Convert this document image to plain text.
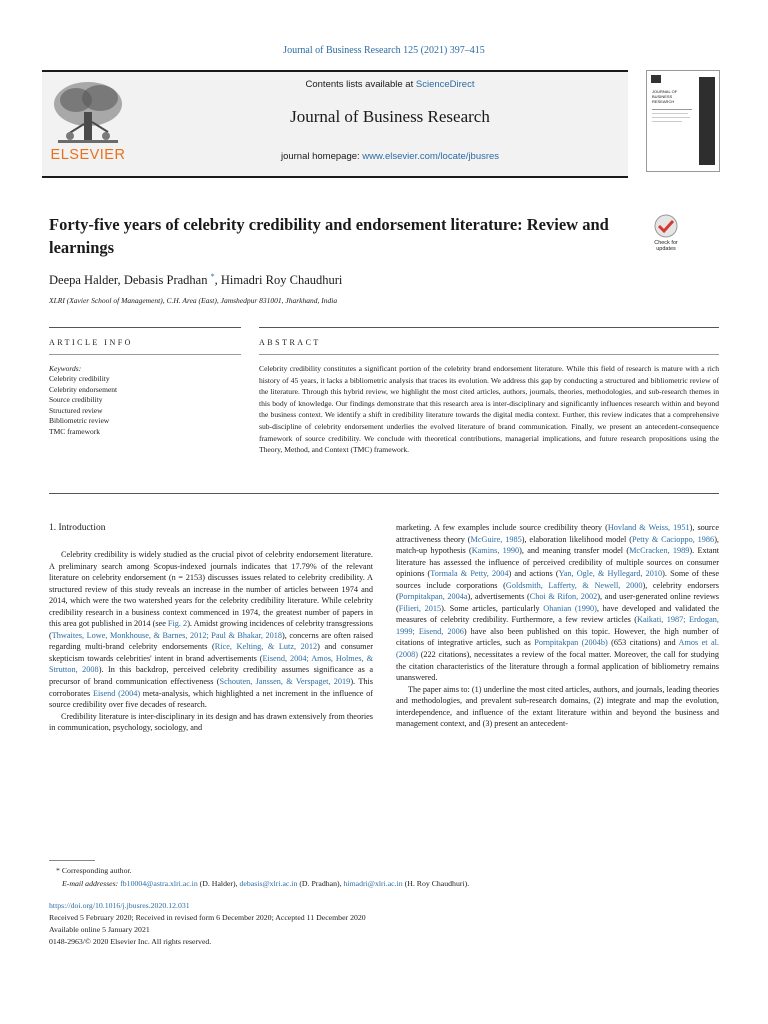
Journal of Business Research 125 (2021) 397–415
ELSEVIER
Contents lists available at ScienceDirect
Journal of Business Research
journal homepage: www.elsevier.com/locate/jbusres
JOURNAL OF
BUSINESS
RESEARCH
Forty-five years of celebrity credibility and endorsement literature: Review and learnings	Check for updates
Deepa Halder, Debasis Pradhan *, Himadri Roy Chaudhuri
XLRI (Xavier School of Management), C.H. Area (East), Jamshedpur 831001, Jharkhand, India
ARTICLE INFO	ABSTRACT
Keywords:
Celebrity credibility
Celebrity endorsement
Source credibility
Structured review
Bibliometric review
TMC framework
Celebrity credibility constitutes a significant portion of the celebrity brand endorsement literature. While this field of research is mature with a rich history of 45 years, it lacks a bibliometric analysis that traces its evolution. We address this gap by conducting a structured and bibliometric review of the literature. Through this hybrid review, we highlight the most cited articles, authors, journals, theories, methodologies, and sub-research themes in this body of knowledge. Our findings demonstrate that this research area is inter-disciplinary and significantly influences research within and beyond the business context. We identify a shift in credibility literature towards the digital media context. Further, this review indicates that a comprehensive sub-discipline of celebrity endorsement underlies the evolved literature of brand communication. Finally, we present an antecedent-consequence framework of source credibility. We conclude with theoretical contributions, managerial implications, and future research propositions using the Theory, Method, and Context (TMC) framework.
1. Introduction

Celebrity credibility is widely studied as the crucial pivot of celebrity endorsement literature. A preliminary search among Scopus-indexed journals indicates that 17.79% of the relevant literature on celebrity endorsement (n = 2153) discusses issues related to celebrity credibility. A structured review of this study reveals an increase in the number of articles between 1974 and 2014, which were the two watershed years for the celebrity credibility literature. While celebrity credibility research in a business context commenced in 1974, the greatest number of papers in this area got published in 2014 (see Fig. 2). Amidst growing incidences of celebrity transgressions (Thwaites, Lowe, Monkhouse, & Barnes, 2012; Paul & Bhakar, 2018), concerns are often raised regarding multi-brand celebrity endorsements (Rice, Kelting, & Lutz, 2012) and consumer skepticism towards celebrities' intent in brand advertisements (Eisend, 2004; Amos, Holmes, & Strutton, 2008). In this backdrop, perceived celebrity credibility assumes significance as a precursor of brand communication effectiveness (Schouten, Janssen, & Verspaget, 2019). This corroborates Eisend (2004) meta-analysis, which highlighted a net increment in the influence of source credibility over five decades of research.

Credibility literature is inter-disciplinary in its design and has drawn extensively from theories in communication, psychology, sociology, and

marketing. A few examples include source credibility theory (Hovland & Weiss, 1951), source attractiveness theory (McGuire, 1985), elaboration likelihood model (Petty & Cacioppo, 1986), match-up hypothesis (Kamins, 1990), and meaning transfer model (McCracken, 1989). Extant literature has assessed the influence of perceived credibility of multiple sources on consumer opinions (Tormala & Petty, 2004) and actions (Yan, Ogle, & Hyllegard, 2010). Some of these sources include corporations (Goldsmith, Lafferty, & Newell, 2000), celebrity endorsers (Pornpitakpan, 2004a), advertisements (Choi & Rifon, 2002), and user-generated online reviews (Filieri, 2015). Some articles, particularly Ohanian (1990), have developed and validated the measures of celebrity credibility. Furthermore, a few review articles (Kaikati, 1987; Erdogan, 1999; Eisend, 2006) have also been published on this topic. However, the high number of citations of integrative articles, such as Pornpitakpan (2004b) (653 citations) and Amos et al. (2008) (222 citations), necessitates a review of the focal matter. Moreover, the call for studying the citation characteristics of the literature through a formal application of bibliometry remains unanswered.

The paper aims to: (1) underline the most cited articles, authors, and journals, leading theories and methodologies, and prevalent sub-research domains, (2) integrate and map the evolution, interdependence, and influence of the extant literature within and beyond the business and management context, and (3) present an antecedent-

* Corresponding author.
E-mail addresses: fb10004@astra.xlri.ac.in (D. Halder), debasis@xlri.ac.in (D. Pradhan), himadri@xlri.ac.in (H. Roy Chaudhuri).
https://doi.org/10.1016/j.jbusres.2020.12.031
Received 5 February 2020; Received in revised form 6 December 2020; Accepted 11 December 2020
Available online 5 January 2021
0148-2963/© 2020 Elsevier Inc. All rights reserved.
